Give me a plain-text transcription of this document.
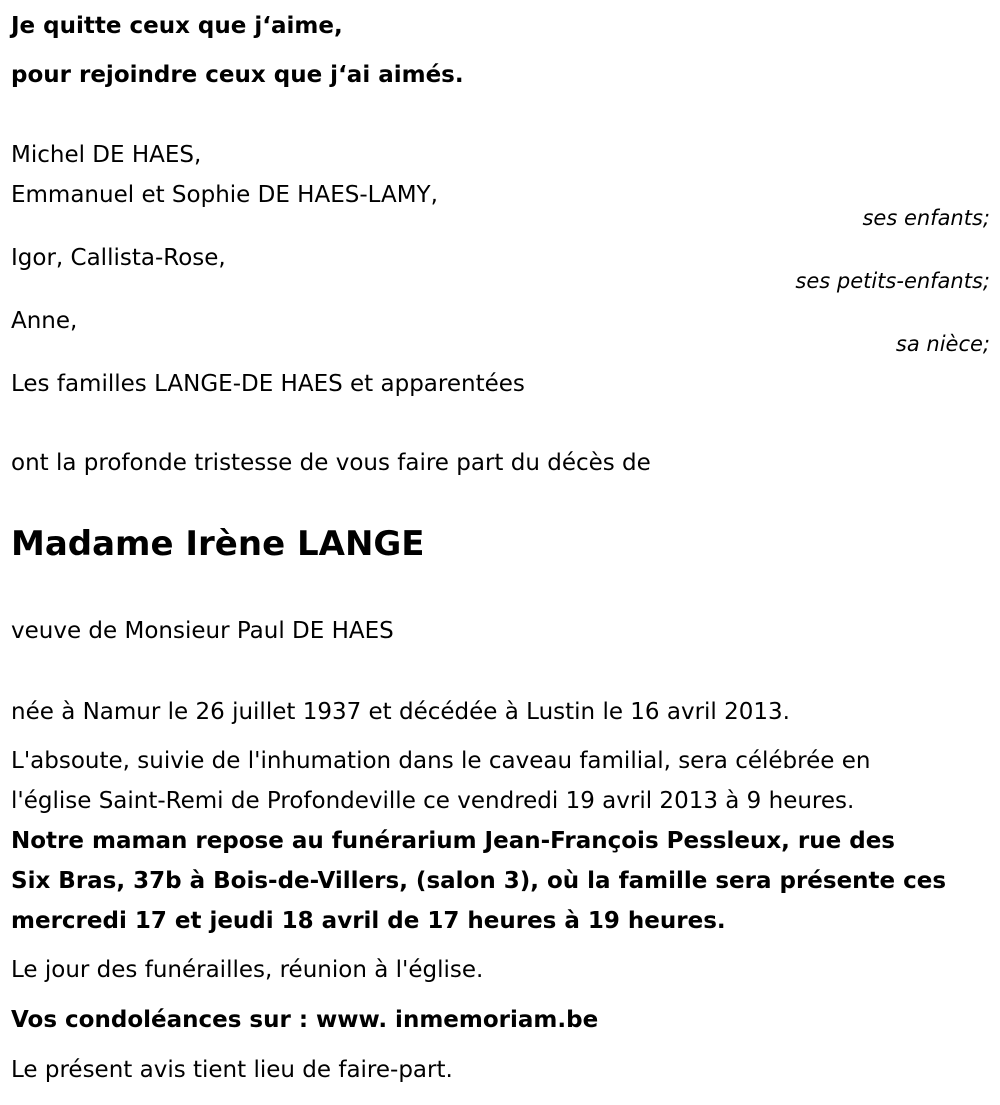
Je quitte ceux que j‘aime,
pour rejoindre ceux que j‘ai aimés.
Michel DE HAES,
Emmanuel et Sophie DE HAES-LAMY,
ses enfants;
Igor, Callista-Rose,
ses petits-enfants;
Anne,
sa nièce;
Les familles LANGE-DE HAES et apparentées
ont la profonde tristesse de vous faire part du décès de
Madame Irène LANGE
veuve de Monsieur Paul DE HAES
née à Namur le 26 juillet 1937 et décédée à Lustin le 16 avril 2013.
L'absoute, suivie de l'inhumation dans le caveau familial, sera célébrée en
l'église Saint-Remi de Profondeville ce vendredi 19 avril 2013 à 9 heures.
Notre maman repose au funérarium Jean-François Pessleux, rue des
Six Bras, 37b à Bois-de-Villers, (salon 3), où la famille sera présente ces
mercredi 17 et jeudi 18 avril de 17 heures à 19 heures.
Le jour des funérailles, réunion à l'église.
Vos condoléances sur : www. inmemoriam.be
Le présent avis tient lieu de faire-part.
